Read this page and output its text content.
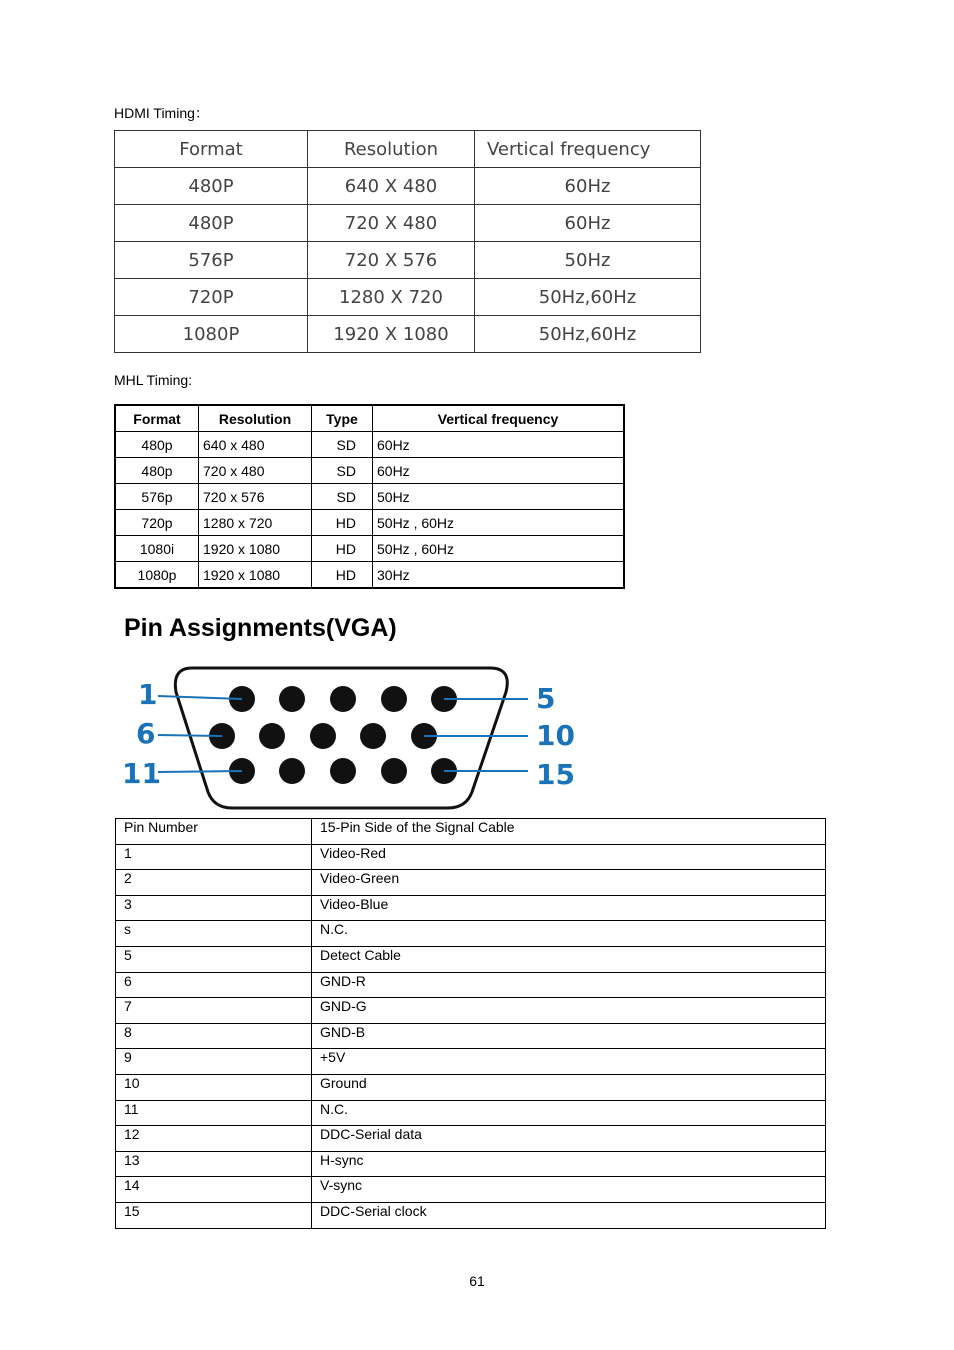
HDMI Timing：
Format	Resolution	Vertical frequency
480P	640 X 480	60Hz
480P	720 X 480	60Hz
576P	720 X 576	50Hz
720P	1280 X 720	50Hz,60Hz
1080P	1920 X 1080	50Hz,60Hz
MHL Timing:
Format	Resolution	Type	Vertical frequency
480p	640 x 480	SD	60Hz
480p	720 x 480	SD	60Hz
576p	720 x 576	SD	50Hz
720p	1280 x 720	HD	50Hz , 60Hz
1080i	1920 x 1080	HD	50Hz , 60Hz
1080p	1920 x 1080	HD	30Hz
Pin Assignments(VGA)
1
6
11
5
10
15
Pin Number	15-Pin Side of the Signal Cable
1	Video-Red
2	Video-Green
3	Video-Blue
s	N.C.
5	Detect Cable
6	GND-R
7	GND-G
8	GND-B
9	+5V
10	Ground
11	N.C.
12	DDC-Serial data
13	H-sync
14	V-sync
15	DDC-Serial clock
61
